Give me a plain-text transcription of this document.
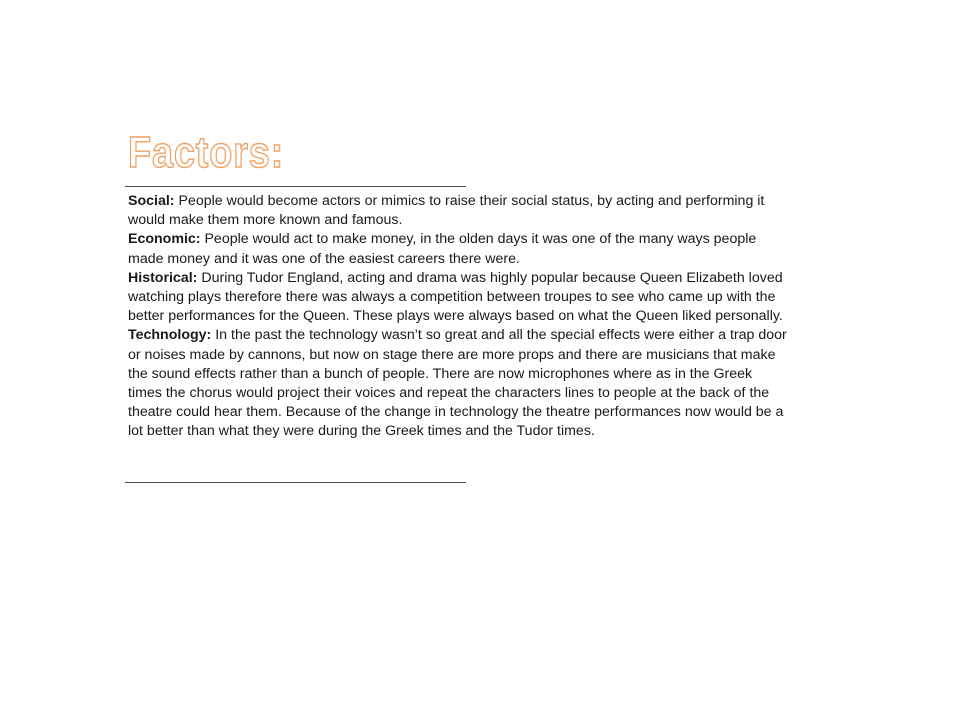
Factors:

Social: People would become actors or mimics to raise their social status, by acting and performing it would make them more known and famous.

Economic: People would act to make money, in the olden days it was one of the many ways people made money and it was one of the easiest careers there were.

Historical: During Tudor England, acting and drama was highly popular because Queen Elizabeth loved watching plays therefore there was always a competition between troupes to see who came up with the better performances for the Queen. These plays were always based on what the Queen liked personally.

Technology: In the past the technology wasn’t so great and all the special effects were either a trap door or noises made by cannons, but now on stage there are more props and there are musicians that make the sound effects rather than a bunch of people. There are now microphones where as in the Greek times the chorus would project their voices and repeat the characters lines to people at the back of the theatre could hear them. Because of the change in technology the theatre performances now would be a lot better than what they were during the Greek times and the Tudor times.
